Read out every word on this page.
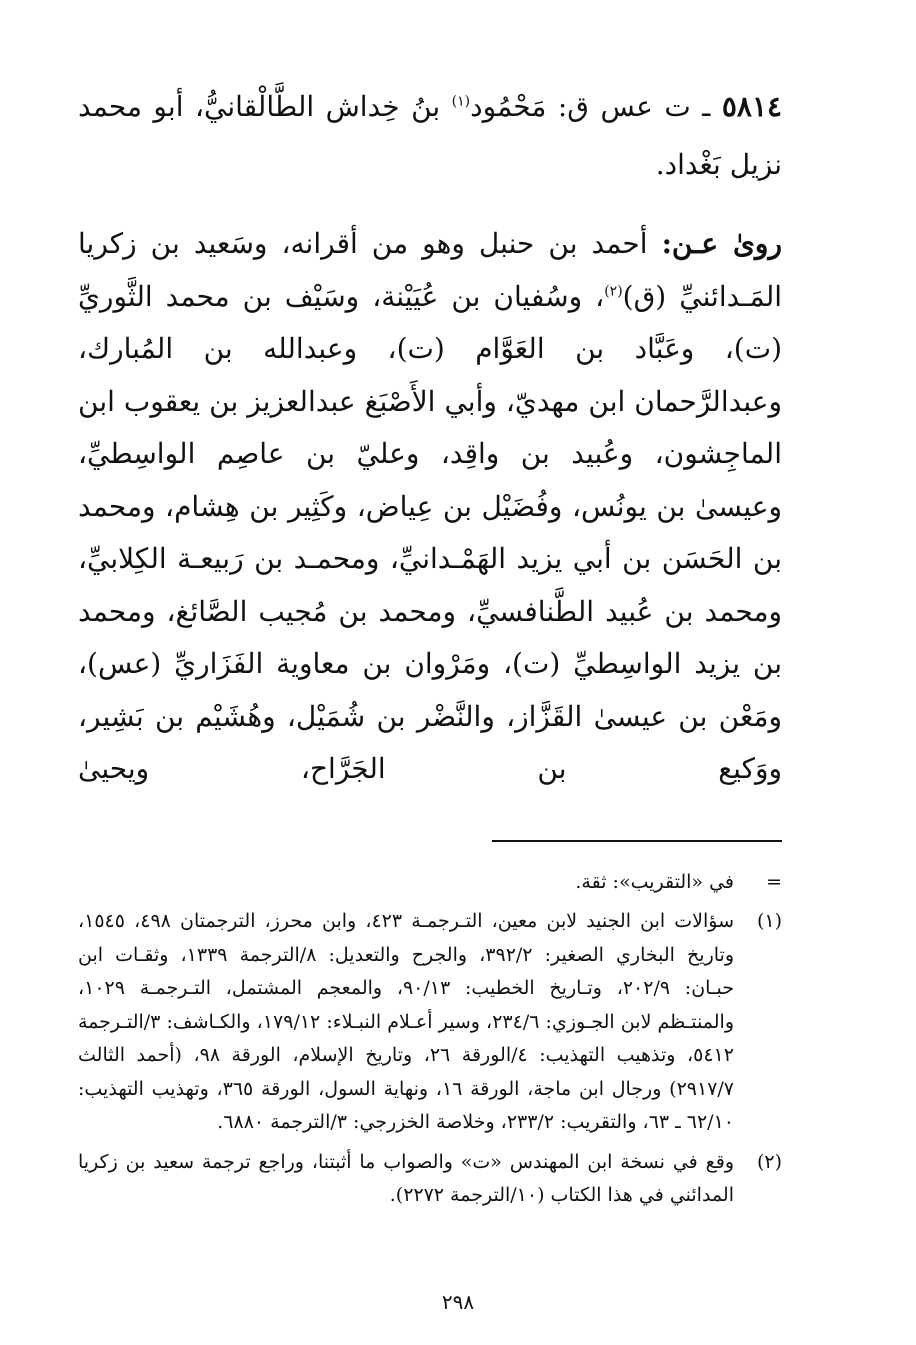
٥٨١٤ ـ ت عس ق: مَحْمُود$^{(١)}$ بنُ خِداش الطَّالْقانيُّ، أبو محمد نزيل بَغْداد.

روىٰ عـن: أحمد بن حنبل وهو من أقرانه، وسَعيد بن زكريا المَـدائنيِّ (ق)$^{(٢)}$، وسُفيان بن عُيَيْنة، وسَيْف بن محمد الثَّوريِّ (ت)، وعَبَّاد بن العَوَّام (ت)، وعبدالله بن المُبارك، وعبدالرَّحمان ابن مهديّ، وأبي الأَصْبَغ عبدالعزيز بن يعقوب ابن الماجِشون، وعُبيد بن واقِد، وعليّ بن عاصِم الواسِطيِّ، وعيسىٰ بن يونُس، وفُضَيْل بن عِياض، وكَثِير بن هِشام، ومحمد بن الحَسَن بن أبي يزيد الهَمْـدانيِّ، ومحمـد بن رَبيعـة الكِلابيِّ، ومحمد بن عُبيد الطَّنافسيِّ، ومحمد بن مُجيب الصَّائغ، ومحمد بن يزيد الواسِطيِّ (ت)، ومَرْوان بن معاوية الفَزَاريِّ (عس)، ومَعْن بن عيسىٰ القَزَّاز، والنَّضْر بن شُمَيْل، وهُشَيْم بن بَشِير، ووَكيع بن الجَرَّاح، ويحيىٰ

=
في «التقريب»: ثقة.

(١)
سؤالات ابن الجنيد لابن معين، التـرجمـة ٤٢٣، وابن محرز، الترجمتان ٤٩٨، ١٥٤٥، وتاريخ البخاري الصغير: ٣٩٢/٢، والجرح والتعديل: ٨/الترجمة ١٣٣٩، وثقـات ابن حبـان: ٢٠٢/٩، وتـاريخ الخطيب: ٩٠/١٣، والمعجم المشتمل، التـرجمـة ١٠٢٩، والمنتـظم لابن الجـوزي: ٢٣٤/٦، وسير أعـلام النبـلاء: ١٧٩/١٢، والكـاشف: ٣/التـرجمة ٥٤١٢، وتذهيب التهذيب: ٤/الورقة ٢٦، وتاريخ الإسلام، الورقة ٩٨، (أحمد الثالث ٢٩١٧/٧) ورجال ابن ماجة، الورقة ١٦، ونهاية السول، الورقة ٣٦٥، وتهذيب التهذيب: ٦٢/١٠ ـ ٦٣، والتقريب: ٢٣٣/٢، وخلاصة الخزرجي: ٣/الترجمة ٦٨٨٠.

(٢)
وقع في نسخة ابن المهندس «ت» والصواب ما أثبتنا، وراجع ترجمة سعيد بن زكريا المدائني في هذا الكتاب (١٠/الترجمة ٢٢٧٢).

٢٩٨
